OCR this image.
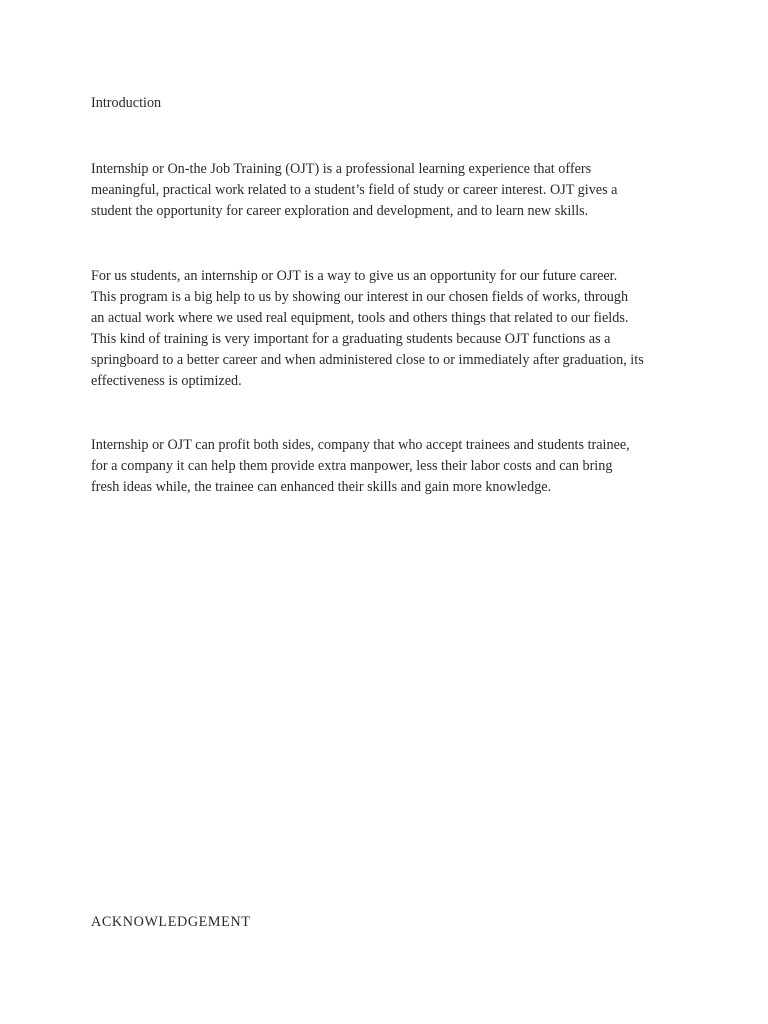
Introduction

Internship or On-the Job Training (OJT) is a professional learning experience that offers
meaningful, practical work related to a student’s field of study or career interest. OJT gives a
student the opportunity for career exploration and development, and to learn new skills.

For us students, an internship or OJT is a way to give us an opportunity for our future career.
This program is a big help to us by showing our interest in our chosen fields of works, through
an actual work where we used real equipment, tools and others things that related to our fields.
This kind of training is very important for a graduating students because OJT functions as a
springboard to a better career and when administered close to or immediately after graduation, its
effectiveness is optimized.

Internship or OJT can profit both sides, company that who accept trainees and students trainee,
for a company it can help them provide extra manpower, less their labor costs and can bring
fresh ideas while, the trainee can enhanced their skills and gain more knowledge.

ACKNOWLEDGEMENT
